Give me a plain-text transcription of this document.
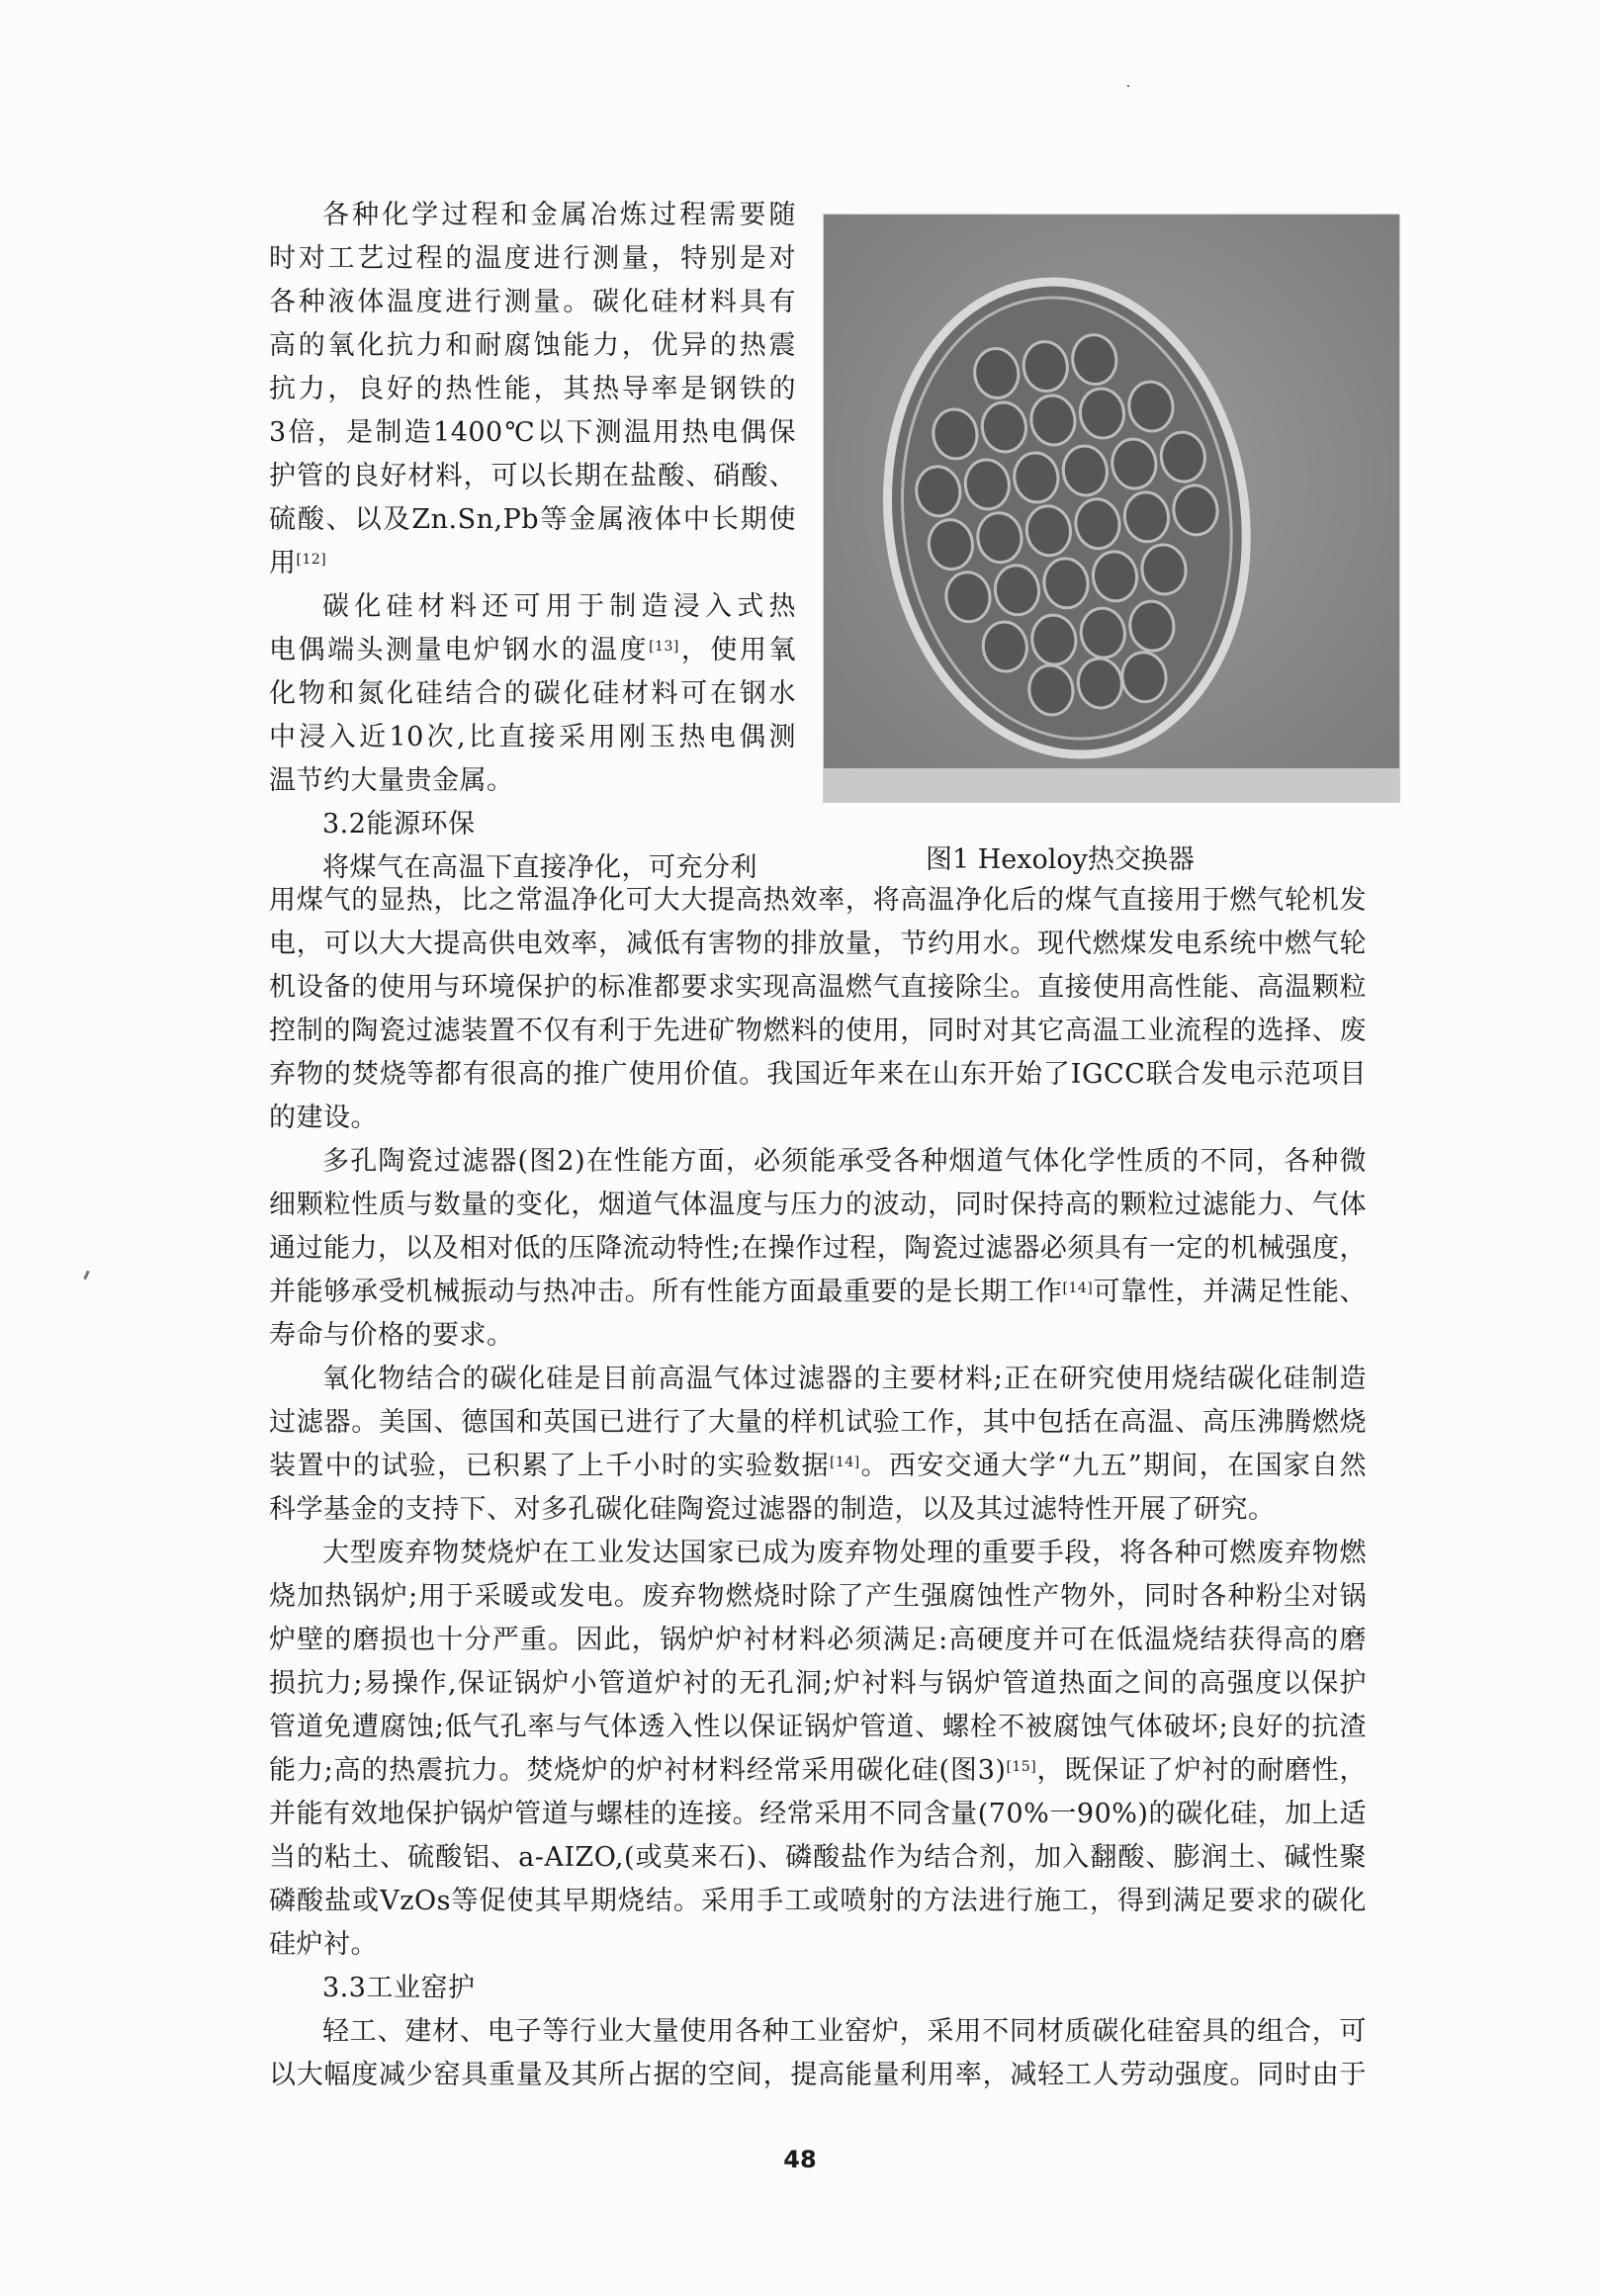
各种化学过程和金属冶炼过程需要随
时对工艺过程的温度进行测量，特别是对
各种液体温度进行测量。碳化硅材料具有
高的氧化抗力和耐腐蚀能力，优异的热震
抗力，良好的热性能，其热导率是钢铁的
3倍，是制造1400℃以下测温用热电偶保
护管的良好材料，可以长期在盐酸、硝酸、
硫酸、以及Zn.Sn,Pb等金属液体中长期使
用[12]
碳化硅材料还可用于制造浸入式热
电偶端头测量电炉钢水的温度[13]，使用氧
化物和氮化硅结合的碳化硅材料可在钢水
中浸入近10次,比直接采用刚玉热电偶测
温节约大量贵金属。
3.2能源环保
将煤气在高温下直接净化，可充分利	图1 Hexoloy热交换器
用煤气的显热，比之常温净化可大大提高热效率，将高温净化后的煤气直接用于燃气轮机发
电，可以大大提高供电效率，减低有害物的排放量，节约用水。现代燃煤发电系统中燃气轮
机设备的使用与环境保护的标准都要求实现高温燃气直接除尘。直接使用高性能、高温颗粒
控制的陶瓷过滤装置不仅有利于先进矿物燃料的使用，同时对其它高温工业流程的选择、废
弃物的焚烧等都有很高的推广使用价值。我国近年来在山东开始了IGCC联合发电示范项目
的建设。
多孔陶瓷过滤器(图2)在性能方面，必须能承受各种烟道气体化学性质的不同，各种微
细颗粒性质与数量的变化，烟道气体温度与压力的波动，同时保持高的颗粒过滤能力、气体
通过能力，以及相对低的压降流动特性;在操作过程，陶瓷过滤器必须具有一定的机械强度，
并能够承受机械振动与热冲击。所有性能方面最重要的是长期工作[14]可靠性，并满足性能、
寿命与价格的要求。
氧化物结合的碳化硅是目前高温气体过滤器的主要材料;正在研究使用烧结碳化硅制造
过滤器。美国、德国和英国已进行了大量的样机试验工作，其中包括在高温、高压沸腾燃烧
装置中的试验，已积累了上千小时的实验数据[14]。西安交通大学“九五”期间，在国家自然
科学基金的支持下、对多孔碳化硅陶瓷过滤器的制造，以及其过滤特性开展了研究。
大型废弃物焚烧炉在工业发达国家已成为废弃物处理的重要手段，将各种可燃废弃物燃
烧加热锅炉;用于采暖或发电。废弃物燃烧时除了产生强腐蚀性产物外，同时各种粉尘对锅
炉壁的磨损也十分严重。因此，锅炉炉衬材料必须满足:高硬度并可在低温烧结获得高的磨
损抗力;易操作,保证锅炉小管道炉衬的无孔洞;炉衬料与锅炉管道热面之间的高强度以保护
管道免遭腐蚀;低气孔率与气体透入性以保证锅炉管道、螺栓不被腐蚀气体破坏;良好的抗渣
能力;高的热震抗力。焚烧炉的炉衬材料经常采用碳化硅(图3)[15]，既保证了炉衬的耐磨性，
并能有效地保护锅炉管道与螺桂的连接。经常采用不同含量(70%一90%)的碳化硅，加上适
当的粘土、硫酸铝、a-AIZO,(或莫来石)、磷酸盐作为结合剂，加入翻酸、膨润土、碱性聚
磷酸盐或VzOs等促使其早期烧结。采用手工或喷射的方法进行施工，得到满足要求的碳化
硅炉衬。
3.3工业窑护
轻工、建材、电子等行业大量使用各种工业窑炉，采用不同材质碳化硅窑具的组合，可
以大幅度减少窑具重量及其所占据的空间，提高能量利用率，减轻工人劳动强度。同时由于
48
